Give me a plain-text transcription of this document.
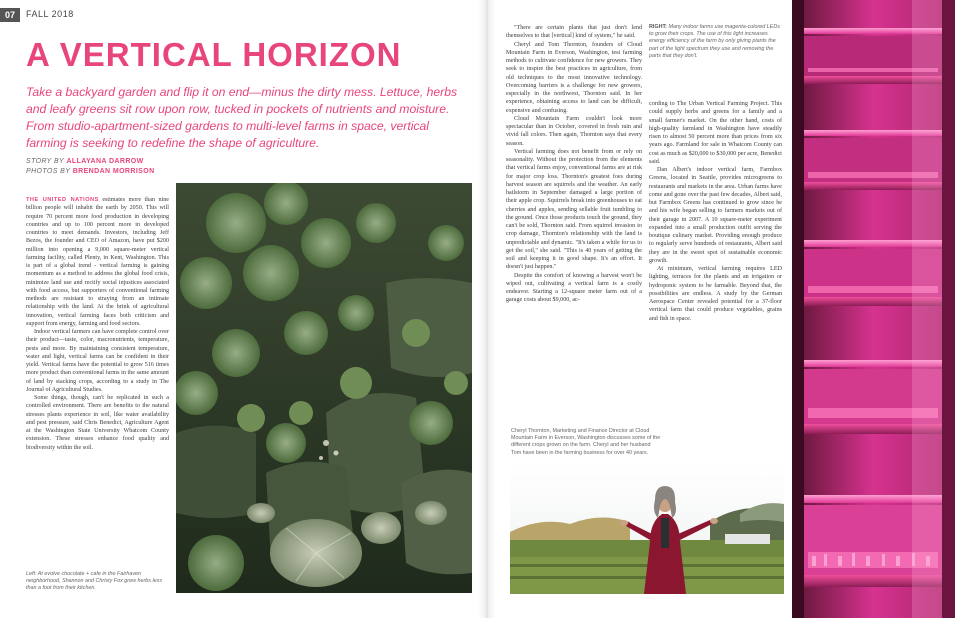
07	FALL 2018
A VERTICAL HORIZON
Take a backyard garden and flip it on end—minus the dirty mess. Lettuce, herbs and leafy greens sit row upon row, tucked in pockets of nutrients and moisture. From studio-apartment-sized gardens to multi-level farms in space, vertical farming is seeking to redefine the shape of agriculture.
STORY BY ALLAYANA DARROW
PHOTOS BY BRENDAN MORRISON

THE UNITED NATIONS estimates more than nine billion people will inhabit the earth by 2050. This will require 70 percent more food production in developing countries and up to 100 percent more in developed countries to meet demands. Investors, including Jeff Bezos, the founder and CEO of Amazon, have put $200 million into opening a 9,000 square-meter vertical farming facility, called Plenty, in Kent, Washington. This is part of a global trend - vertical farming is gaining momentum as a method to address the global food crisis, minimize land use and rectify social injustices associated with food access, but supporters of conventional farming methods are resistant to straying from an intimate relationship with the land. At the brink of agricultural innovation, vertical farming faces both criticism and support from energy, farming and food sectors.

Indoor vertical farmers can have complete control over their product—taste, color, macronutrients, temperature, pests and more. By maintaining consistent temperature, water and light, vertical farms can be confident in their yield. Vertical farms have the potential to grow 516 times more product than conventional farms in the same amount of land by stacking crops, according to a study in The Journal of Agricultural Studies.

Some things, though, can't be replicated in such a controlled environment. There are benefits to the natural stresses plants experience in soil, like water availability and pest pressure, said Chris Benedict, Agriculture Agent at the Washington State University Whatcom County extension. These stresses enhance food quality and biodiversity within the soil.

Left: At evolve chocolate + cafe in the Fairhaven neighborhood, Shannon and Christy Fox grew herbs less than a foot from their kitchen.

"There are certain plants that just don't lend themselves to that [vertical] kind of system," he said.

Cheryl and Tom Thornton, founders of Cloud Mountain Farm in Everson, Washington, test farming methods to cultivate confidence for new growers. They seek to inspire the best practices in agriculture, from old techniques to the most innovative technology. Overcoming barriers is a challenge for new growers, especially in the northwest, Thornton said. In her experience, obtaining access to land can be difficult, expensive and confusing.

Cloud Mountain Farm couldn't look more spectacular than in October, covered in fresh rain and vivid fall colors. Then again, Thornton says that every season.

Vertical farming does not benefit from or rely on seasonality. Without the protection from the elements that vertical farms enjoy, conventional farms are at risk for major crop loss. Thornton's greatest foes during harvest season are squirrels and the weather. An early hailstorm in September damaged a large portion of their apple crop. Squirrels break into greenhouses to eat cherries and apples, sending sellable fruit tumbling to the ground. Once those products touch the ground, they can't be sold, Thornton said. From squirrel invasion to crop damage, Thornton's relationship with the land is unpredictable and dynamic. "It's taken a while for us to get the soil," she said. "This is 40 years of getting the soil and keeping it in good shape. It's an effort. It doesn't just happen."

Despite the comfort of knowing a harvest won't be wiped out, cultivating a vertical farm is a costly endeavor. Starting a 12-square meter farm out of a garage costs about $9,000, ac-

RIGHT: Many indoor farms use magenta-colored LEDs to grow their crops. The use of this light increases energy efficiency of the farm by only giving plants the part of the light spectrum they use and removing the parts that they don't.

cording to The Urban Vertical Farming Project. This could supply herbs and greens for a family and a small farmer's market. On the other hand, costs of high-quality farmland in Washington have steadily risen to almost 50 percent more than prices from six years ago. Farmland for sale in Whatcom County can cost as much as $20,000 to $30,000 per acre, Benedict said.

Dan Albert's indoor vertical farm, Farmbox Greens, located in Seattle, provides microgreens to restaurants and markets in the area. Urban farms have come and gone over the past few decades, Albert said, but Farmbox Greens has continued to grow since he and his wife began selling to farmers markets out of their garage in 2007. A 10 square-meter experiment expanded into a small production outfit serving the boutique culinary market. Providing enough produce to regularly serve hundreds of restaurants, Albert said they are in the sweet spot of sustainable economic growth.

At minimum, vertical farming requires LED lighting, terraces for the plants and an irrigation or hydroponic system to be farmable. Beyond that, the possibilities are endless. A study by the German Aerospace Center revealed potential for a 37-floor vertical farm that could produce vegetables, grains and fish in space.

Cheryl Thornton, Marketing and Finance Director at Cloud Mountain Farm in Everson, Washington discusses some of the different crops grown on the farm. Cheryl and her husband Tom have been in the farming business for over 40 years.
